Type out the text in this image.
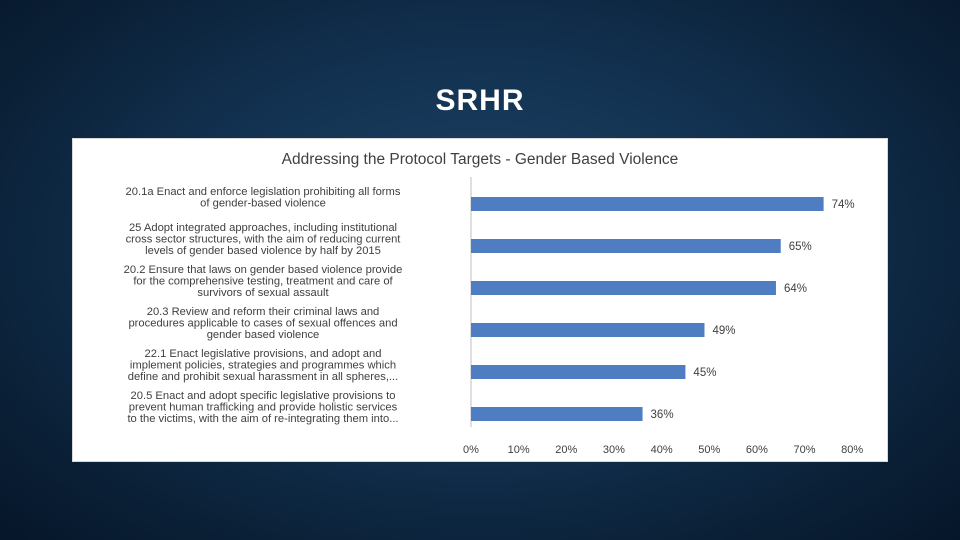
SRHR
Addressing the Protocol Targets - Gender Based Violence
20.1a Enact and enforce legislation prohibiting all forms of gender-based violence
25 Adopt integrated approaches, including institutional cross sector structures, with the aim of reducing current levels of gender based violence by half by 2015
20.2 Ensure that laws on gender based violence provide for the comprehensive testing, treatment and care of survivors of sexual assault
20.3 Review and reform their criminal laws and procedures applicable to cases of sexual offences and gender based violence
22.1 Enact legislative provisions, and adopt and implement policies, strategies and programmes which define and prohibit sexual harassment in all spheres,...
20.5 Enact and adopt specific legislative provisions to prevent human trafficking and provide holistic services to the victims, with the aim of re-integrating them into...
74%
65%
64%
49%
45%
36%
0%	10% 20% 30% 40% 50% 60% 70% 80%
